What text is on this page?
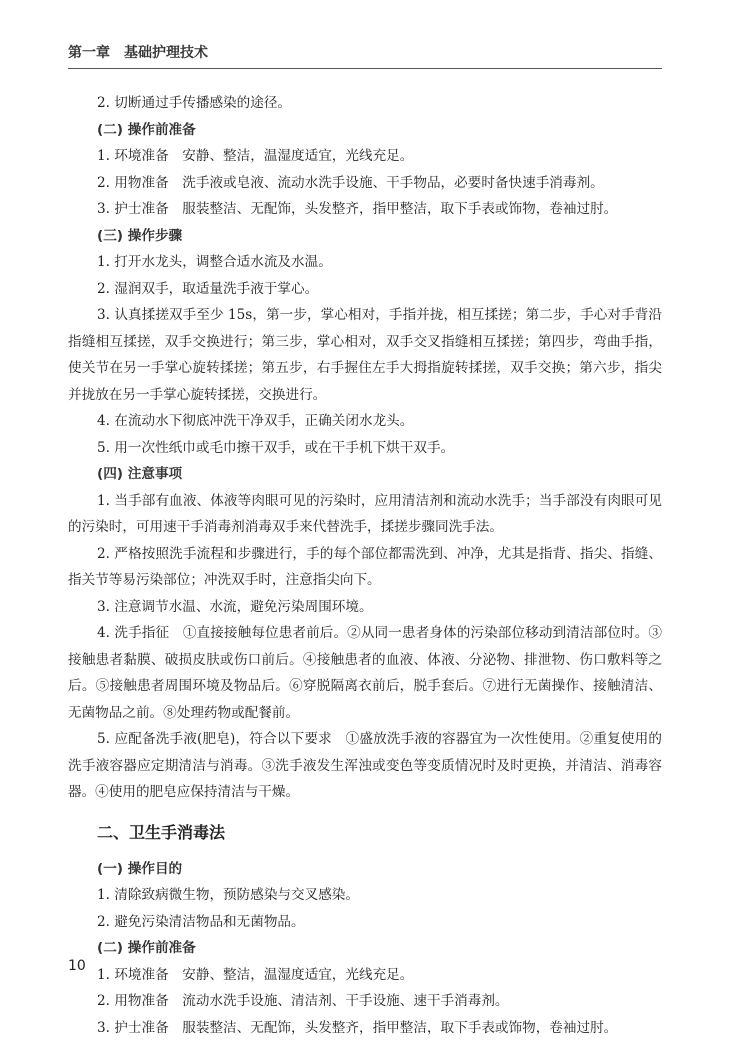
第一章 基础护理技术

2. 切断通过手传播感染的途径。

(二) 操作前准备

1. 环境准备　安静、整洁，温湿度适宜，光线充足。

2. 用物准备　洗手液或皂液、流动水洗手设施、干手物品，必要时备快速手消毒剂。

3. 护士准备　服装整洁、无配饰，头发整齐，指甲整洁，取下手表或饰物，卷袖过肘。

(三) 操作步骤

1. 打开水龙头，调整合适水流及水温。

2. 湿润双手，取适量洗手液于掌心。

3. 认真揉搓双手至少 15s，第一步，掌心相对，手指并拢，相互揉搓；第二步，手心对手背沿指缝相互揉搓，双手交换进行；第三步，掌心相对，双手交叉指缝相互揉搓；第四步，弯曲手指，使关节在另一手掌心旋转揉搓；第五步，右手握住左手大拇指旋转揉搓，双手交换；第六步，指尖并拢放在另一手掌心旋转揉搓，交换进行。

4. 在流动水下彻底冲洗干净双手，正确关闭水龙头。

5. 用一次性纸巾或毛巾擦干双手，或在干手机下烘干双手。

(四) 注意事项

1. 当手部有血液、体液等肉眼可见的污染时，应用清洁剂和流动水洗手；当手部没有肉眼可见的污染时，可用速干手消毒剂消毒双手来代替洗手，揉搓步骤同洗手法。

2. 严格按照洗手流程和步骤进行，手的每个部位都需洗到、冲净，尤其是指背、指尖、指缝、指关节等易污染部位；冲洗双手时，注意指尖向下。

3. 注意调节水温、水流，避免污染周围环境。

4. 洗手指征　①直接接触每位患者前后。②从同一患者身体的污染部位移动到清洁部位时。③接触患者黏膜、破损皮肤或伤口前后。④接触患者的血液、体液、分泌物、排泄物、伤口敷料等之后。⑤接触患者周围环境及物品后。⑥穿脱隔离衣前后，脱手套后。⑦进行无菌操作、接触清洁、无菌物品之前。⑧处理药物或配餐前。

5. 应配备洗手液(肥皂)，符合以下要求　①盛放洗手液的容器宜为一次性使用。②重复使用的洗手液容器应定期清洁与消毒。③洗手液发生浑浊或变色等变质情况时及时更换，并清洁、消毒容器。④使用的肥皂应保持清洁与干燥。

二、卫生手消毒法

(一) 操作目的

1. 清除致病微生物，预防感染与交叉感染。

2. 避免污染清洁物品和无菌物品。

(二) 操作前准备

1. 环境准备　安静、整洁，温湿度适宜，光线充足。

2. 用物准备　流动水洗手设施、清洁剂、干手设施、速干手消毒剂。

3. 护士准备　服装整洁、无配饰，头发整齐，指甲整洁，取下手表或饰物，卷袖过肘。

10
